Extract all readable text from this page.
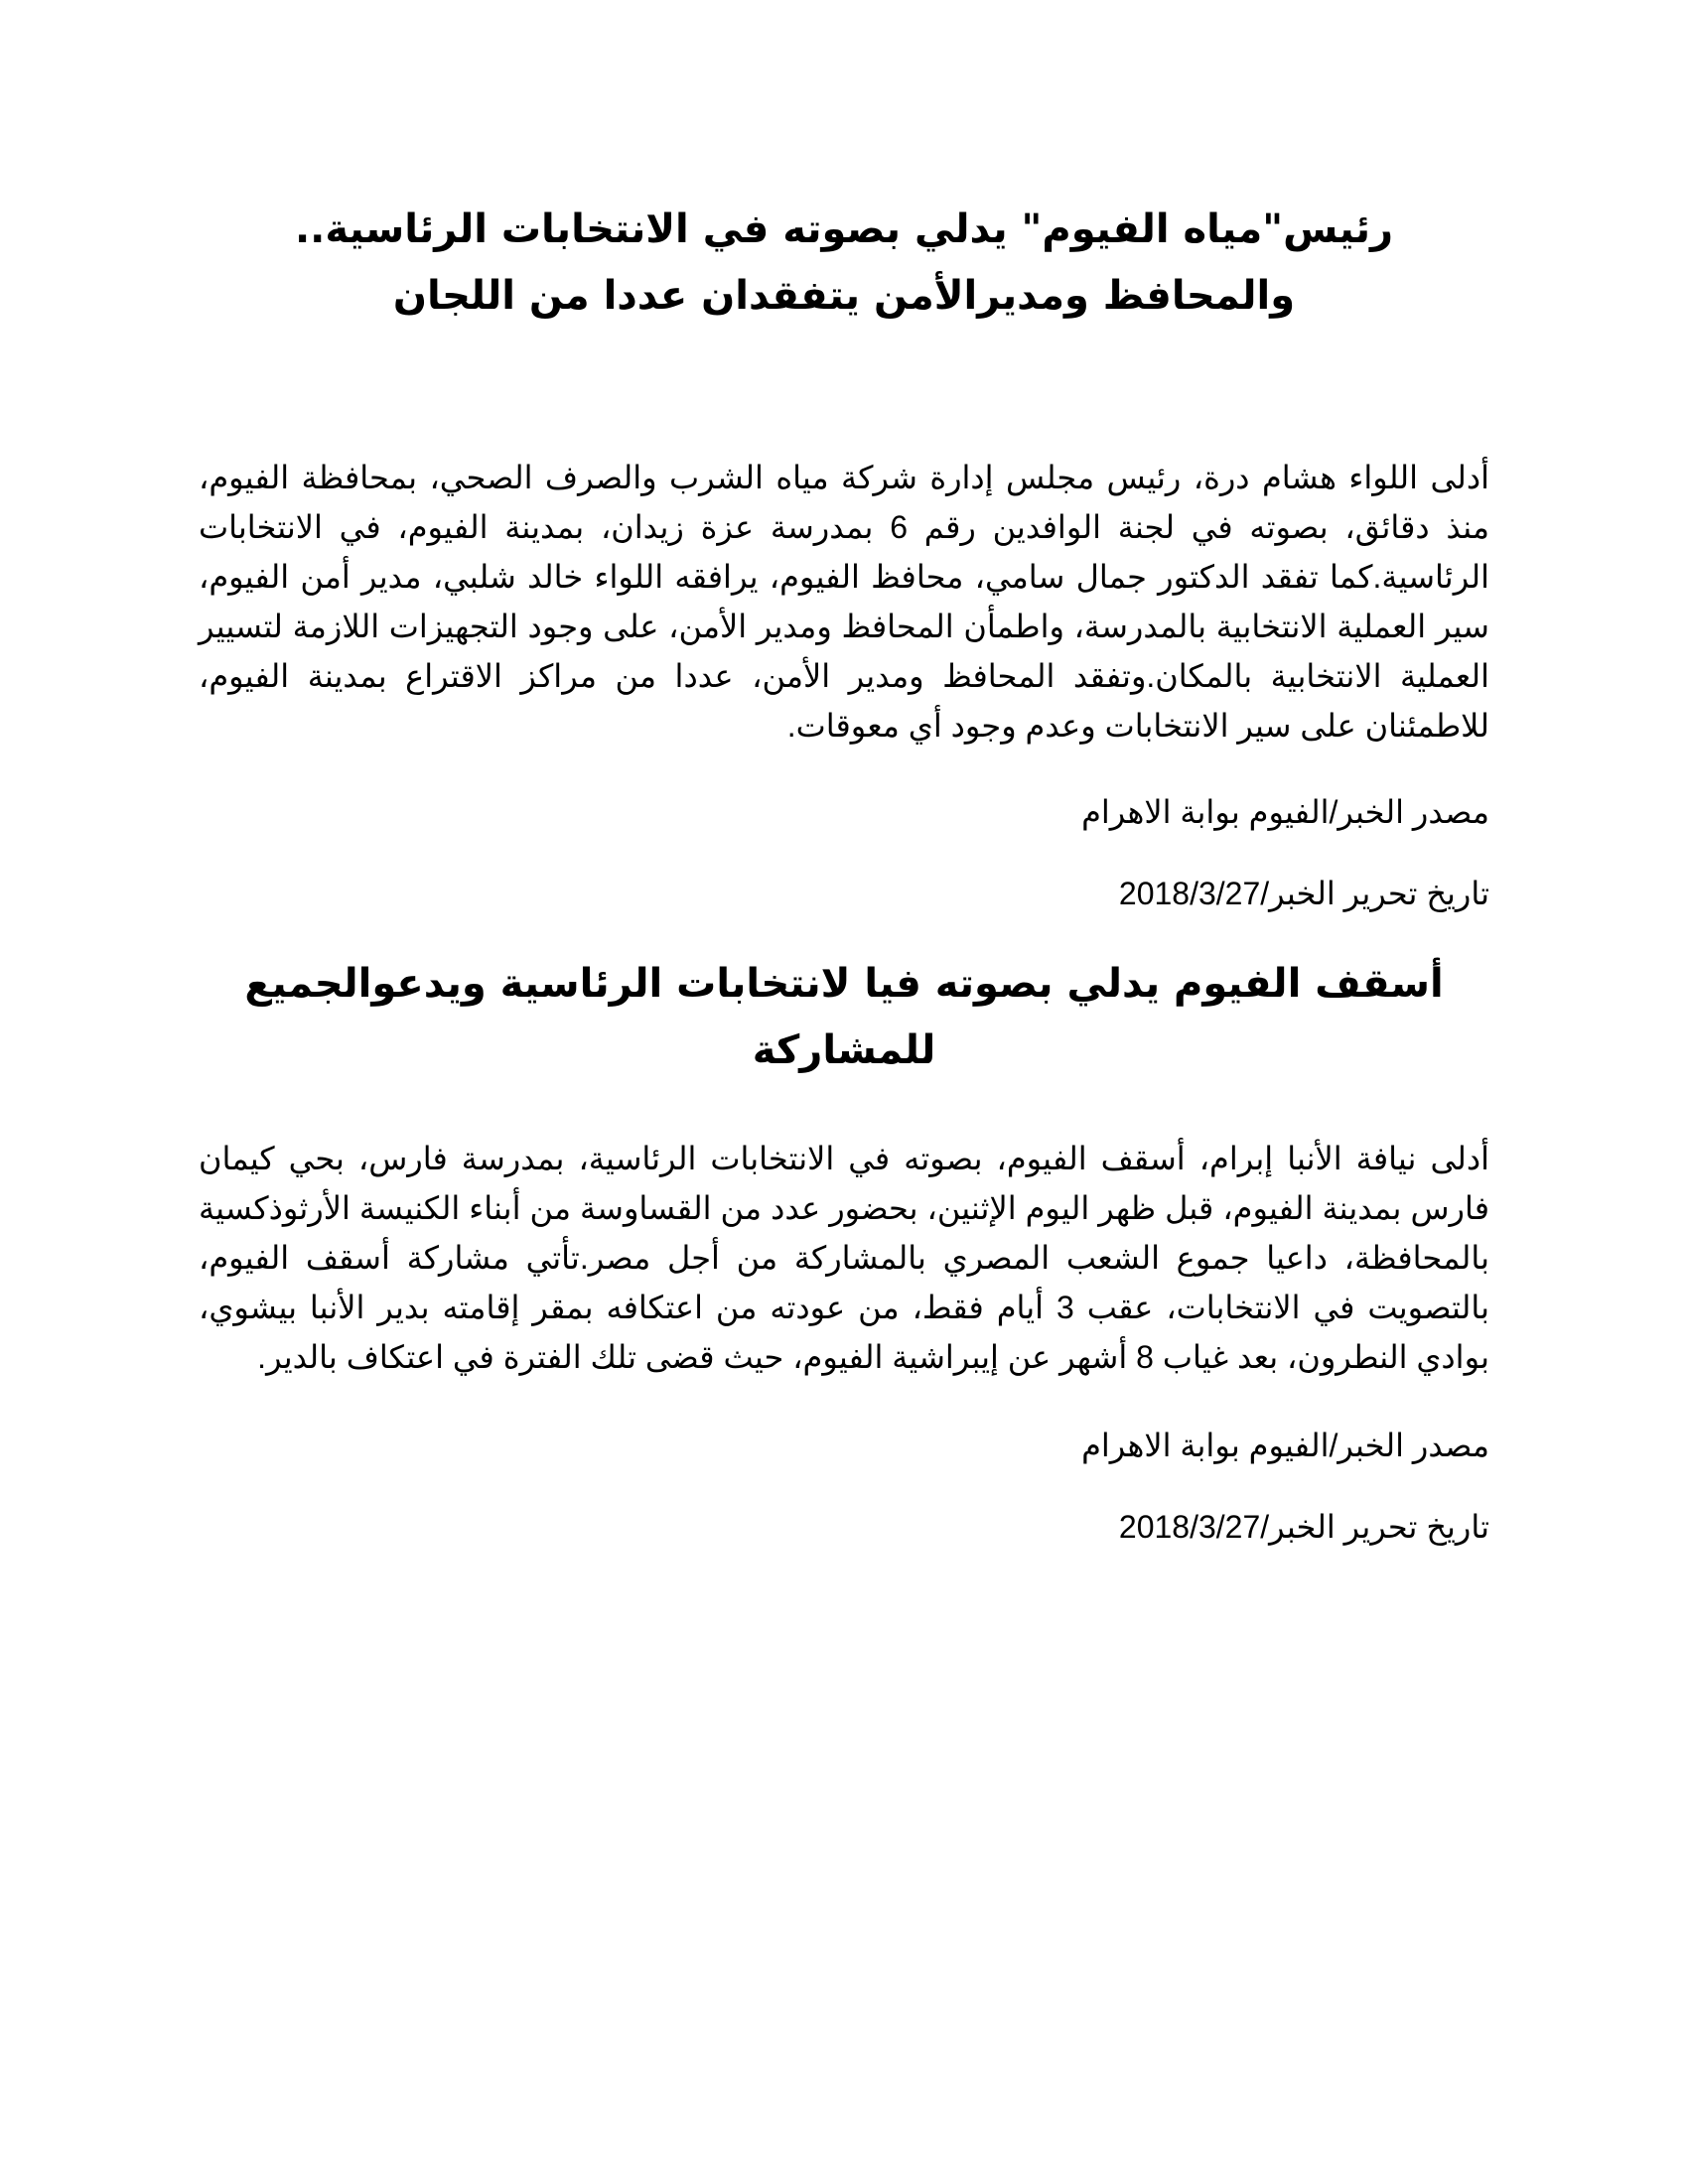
رئيس"مياه الفيوم" يدلي بصوته في الانتخابات الرئاسية.. والمحافظ ومديرالأمن يتفقدان عددا من اللجان

أدلى اللواء هشام درة، رئيس مجلس إدارة شركة مياه الشرب والصرف الصحي، بمحافظة الفيوم، منذ دقائق، بصوته في لجنة الوافدين رقم 6 بمدرسة عزة زيدان، بمدينة الفيوم، في الانتخابات الرئاسية.كما تفقد الدكتور جمال سامي، محافظ الفيوم، يرافقه اللواء خالد شلبي، مدير أمن الفيوم، سير العملية الانتخابية بالمدرسة، واطمأن المحافظ ومدير الأمن، على وجود التجهيزات اللازمة لتسيير العملية الانتخابية بالمكان.وتفقد المحافظ ومدير الأمن، عددا من مراكز الاقتراع بمدينة الفيوم، للاطمئنان على سير الانتخابات وعدم وجود أي معوقات.

مصدر الخبر/الفيوم بوابة الاهرام

تاريخ تحرير الخبر/2018/3/27

أسقف الفيوم يدلي بصوته فيا لانتخابات الرئاسية ويدعوالجميع للمشاركة

أدلى نيافة الأنبا إبرام، أسقف الفيوم، بصوته في الانتخابات الرئاسية، بمدرسة فارس، بحي كيمان فارس بمدينة الفيوم، قبل ظهر اليوم الإثنين، بحضور عدد من القساوسة من أبناء الكنيسة الأرثوذكسية بالمحافظة، داعيا جموع الشعب المصري بالمشاركة من أجل مصر.تأتي مشاركة أسقف الفيوم، بالتصويت في الانتخابات، عقب 3 أيام فقط، من عودته من اعتكافه بمقر إقامته بدير الأنبا بيشوي، بوادي النطرون، بعد غياب 8 أشهر عن إيبراشية الفيوم، حيث قضى تلك الفترة في اعتكاف بالدير.

مصدر الخبر/الفيوم بوابة الاهرام

تاريخ تحرير الخبر/2018/3/27
